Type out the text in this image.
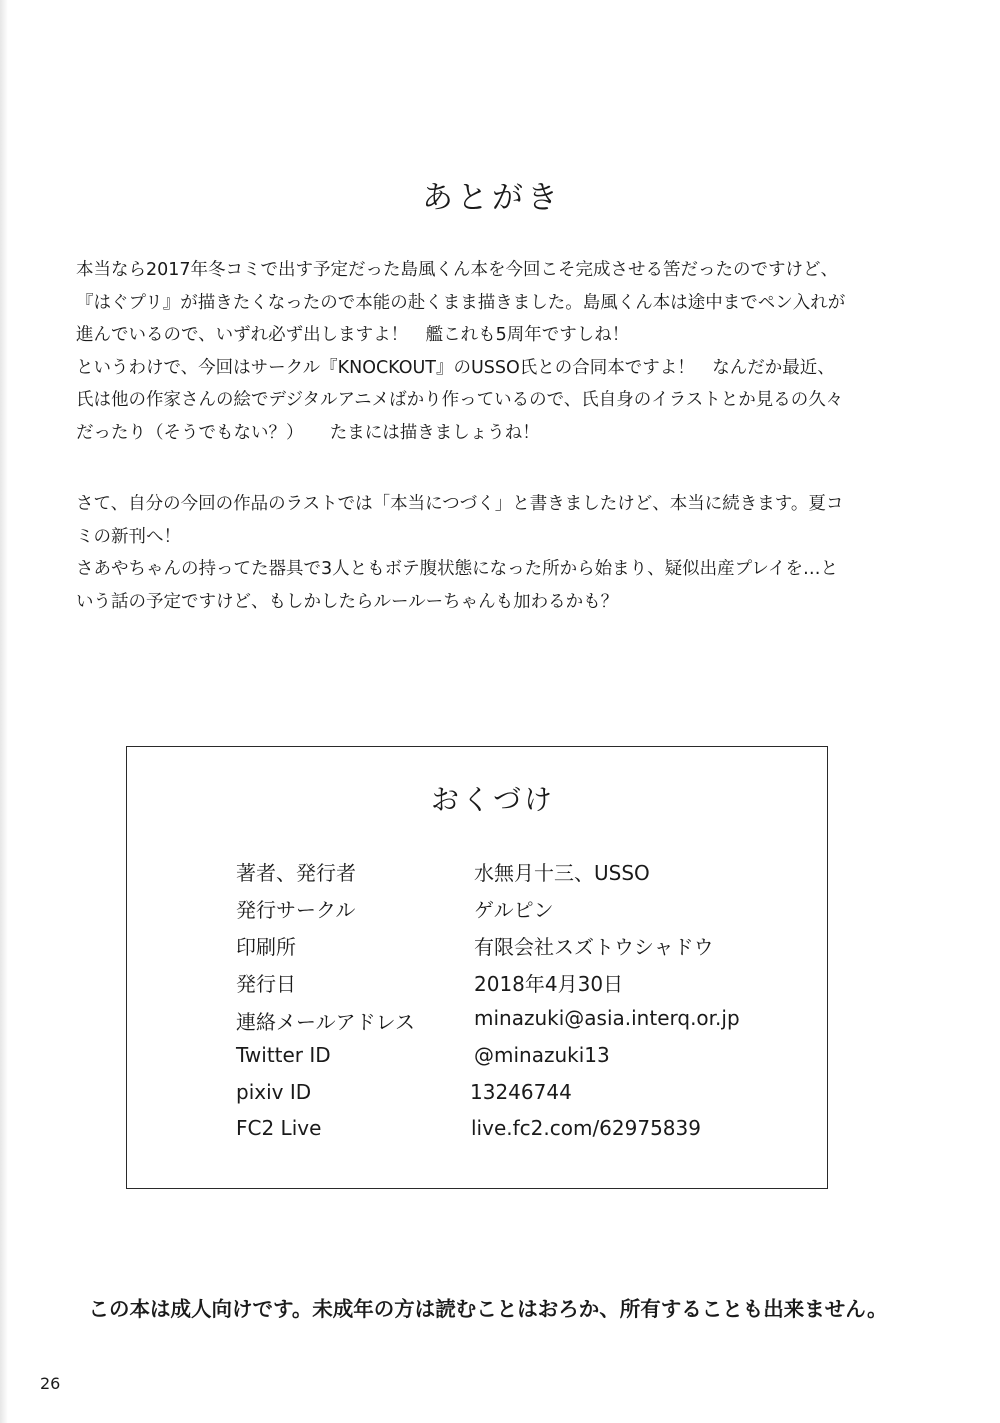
あとがき

本当なら2017年冬コミで出す予定だった島風くん本を今回こそ完成させる筈だったのですけど、

『はぐプリ』が描きたくなったので本能の赴くまま描きました。島風くん本は途中までペン入れが

進んでいるので、いずれ必ず出しますよ！　艦これも5周年ですしね！

というわけで、今回はサークル『KNOCKOUT』のUSSO氏との合同本ですよ！　なんだか最近、

氏は他の作家さんの絵でデジタルアニメばかり作っているので、氏自身のイラストとか見るの久々

だったり（そうでもない？）　　たまには描きましょうね！

さて、自分の今回の作品のラストでは「本当につづく」と書きましたけど、本当に続きます。夏コ

ミの新刊へ！

さあやちゃんの持ってた器具で3人ともボテ腹状態になった所から始まり、疑似出産プレイを…と

いう話の予定ですけど、もしかしたらルールーちゃんも加わるかも？

おくづけ
著者、発行者	水無月十三、USSO
発行サークル	ゲルピン
印刷所	有限会社スズトウシャドウ
発行日	2018年4月30日
連絡メールアドレス	minazuki@asia.interq.or.jp
Twitter ID	@minazuki13
pixiv ID	13246744
FC2 Live	live.fc2.com/62975839
この本は成人向けです。未成年の方は読むことはおろか、所有することも出来ません。
26
